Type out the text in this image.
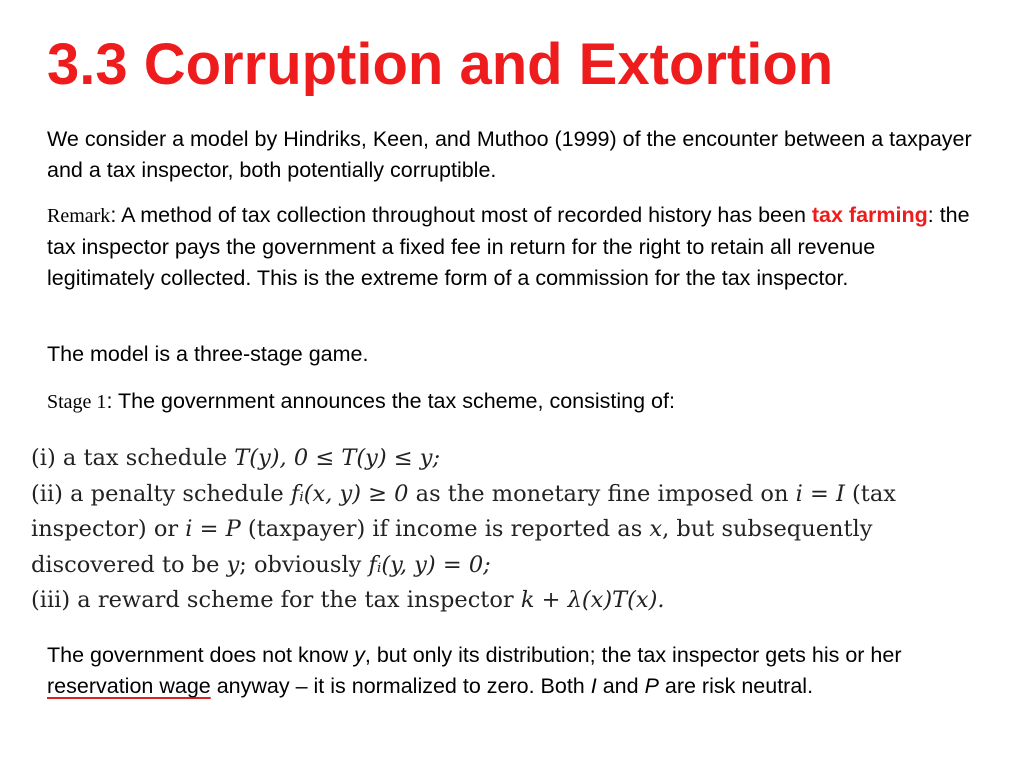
3.3 Corruption and Extortion

We consider a model by Hindriks, Keen, and Muthoo (1999) of the encounter between a taxpayer and a tax inspector, both potentially corruptible.

Remark: A method of tax collection throughout most of recorded history has been tax farming: the tax inspector pays the government a fixed fee in return for the right to retain all revenue legitimately collected. This is the extreme form of a commission for the tax inspector.

The model is a three-stage game.

Stage 1: The government announces the tax scheme, consisting of:

(i) a tax schedule T(y), 0 ≤ T(y) ≤ y;
(ii) a penalty schedule fᵢ(x, y) ≥ 0 as the monetary fine imposed on i = I (tax
inspector) or i = P (taxpayer) if income is reported as x, but subsequently
discovered to be y; obviously fᵢ(y, y) = 0;
(iii) a reward scheme for the tax inspector k + λ(x)T(x).

The government does not know y, but only its distribution; the tax inspector gets his or her reservation wage anyway – it is normalized to zero. Both I and P are risk neutral.
